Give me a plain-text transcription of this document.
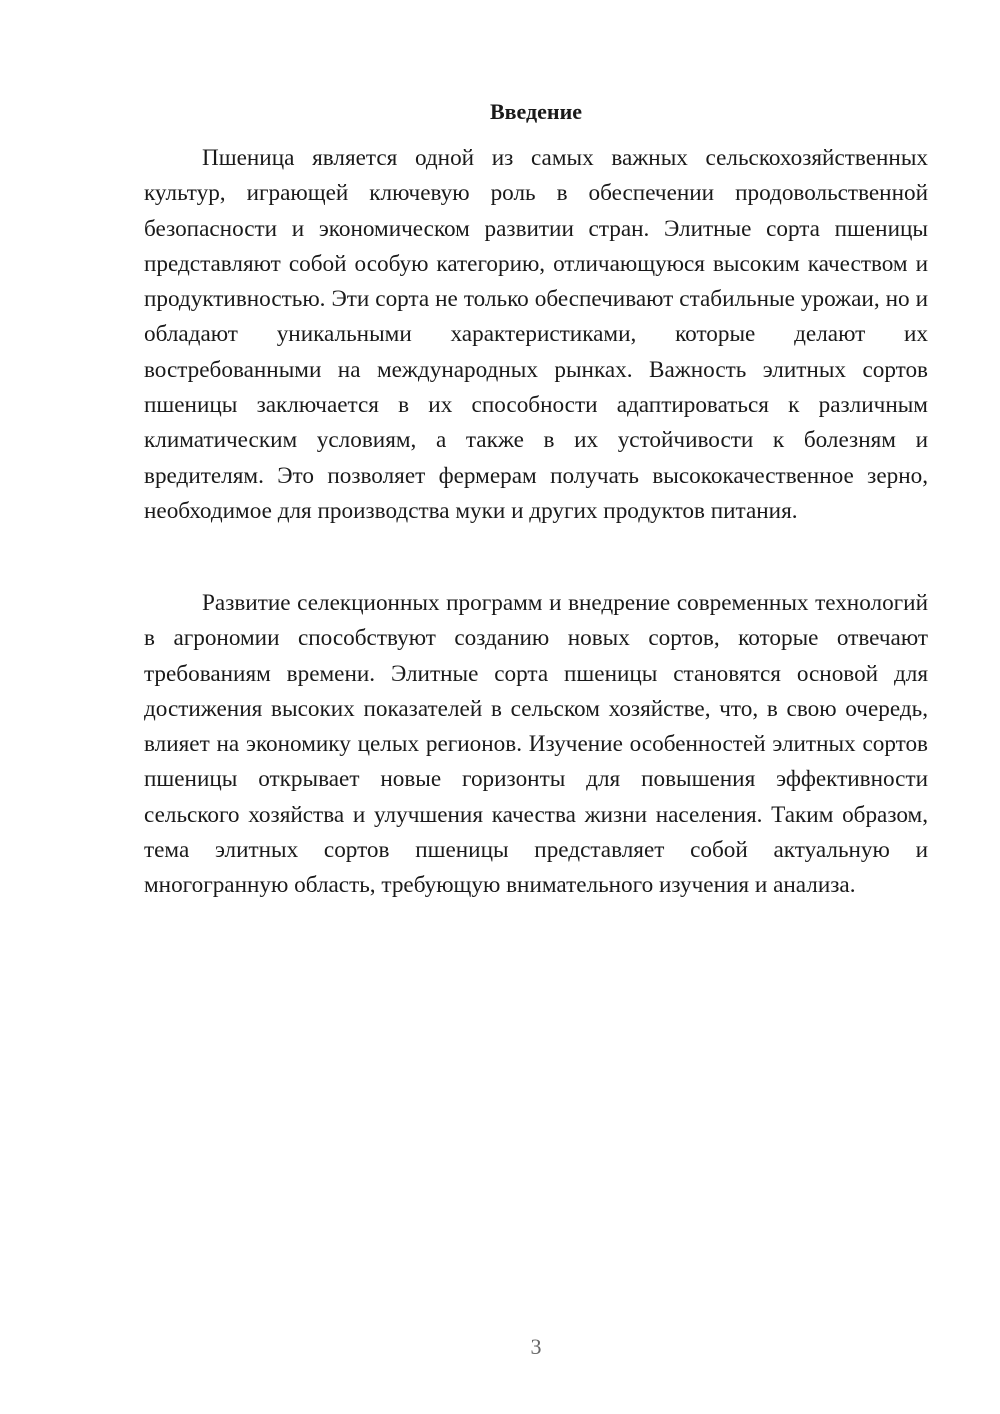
Введение

Пшеница является одной из самых важных сельскохозяйственных культур, играющей ключевую роль в обеспечении продовольственной безопасности и экономическом развитии стран. Элитные сорта пшеницы представляют собой особую категорию, отличающуюся высоким качеством и продуктивностью. Эти сорта не только обеспечивают стабильные урожаи, но и обладают уникальными характеристиками, которые делают их востребованными на международных рынках. Важность элитных сортов пшеницы заключается в их способности адаптироваться к различным климатическим условиям, а также в их устойчивости к болезням и вредителям. Это позволяет фермерам получать высококачественное зерно, необходимое для производства муки и других продуктов питания.

Развитие селекционных программ и внедрение современных технологий в агрономии способствуют созданию новых сортов, которые отвечают требованиям времени. Элитные сорта пшеницы становятся основой для достижения высоких показателей в сельском хозяйстве, что, в свою очередь, влияет на экономику целых регионов. Изучение особенностей элитных сортов пшеницы открывает новые горизонты для повышения эффективности сельского хозяйства и улучшения качества жизни населения. Таким образом, тема элитных сортов пшеницы представляет собой актуальную и многогранную область, требующую внимательного изучения и анализа.

3
